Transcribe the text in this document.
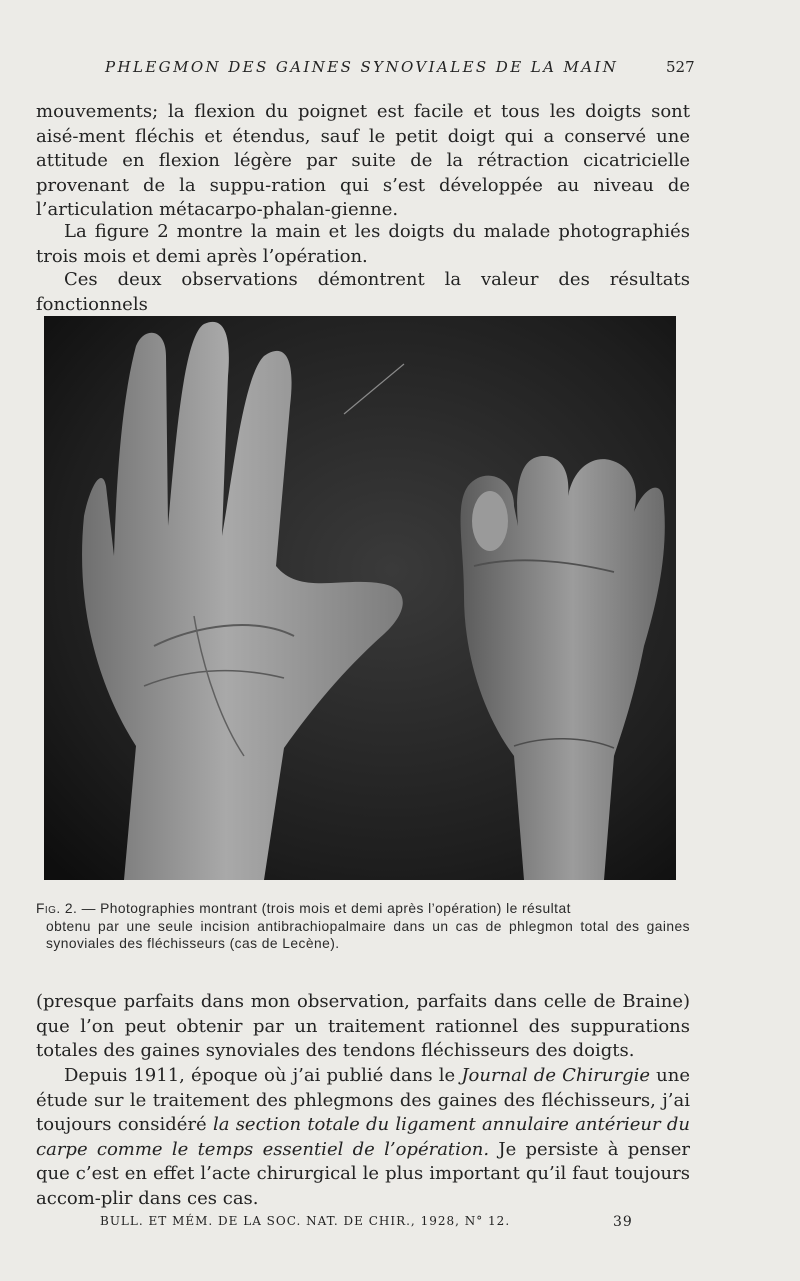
PHLEGMON DES GAINES SYNOVIALES DE LA MAIN	527

mouvements; la flexion du poignet est facile et tous les doigts sont aisé-ment fléchis et étendus, sauf le petit doigt qui a conservé une attitude en flexion légère par suite de la rétraction cicatricielle provenant de la suppu-ration qui s’est développée au niveau de l’articulation métacarpo-phalan-gienne.

La figure 2 montre la main et les doigts du malade photographiés trois mois et demi après l’opération.

Ces deux observations démontrent la valeur des résultats fonctionnels

Fig. 2. — Photographies montrant (trois mois et demi après l’opération) le résultat
obtenu par une seule incision antibrachiopalmaire dans un cas de phlegmon total des gaines synoviales des fléchisseurs (cas de Lecène).

(presque parfaits dans mon observation, parfaits dans celle de Braine) que l’on peut obtenir par un traitement rationnel des suppurations totales des gaines synoviales des tendons fléchisseurs des doigts.

Depuis 1911, époque où j’ai publié dans le Journal de Chirurgie une étude sur le traitement des phlegmons des gaines des fléchisseurs, j’ai toujours considéré la section totale du ligament annulaire antérieur du carpe comme le temps essentiel de l’opération. Je persiste à penser que c’est en effet l’acte chirurgical le plus important qu’il faut toujours accom-plir dans ces cas.

BULL. ET MÉM. DE LA SOC. NAT. DE CHIR., 1928, N° 12.	39
